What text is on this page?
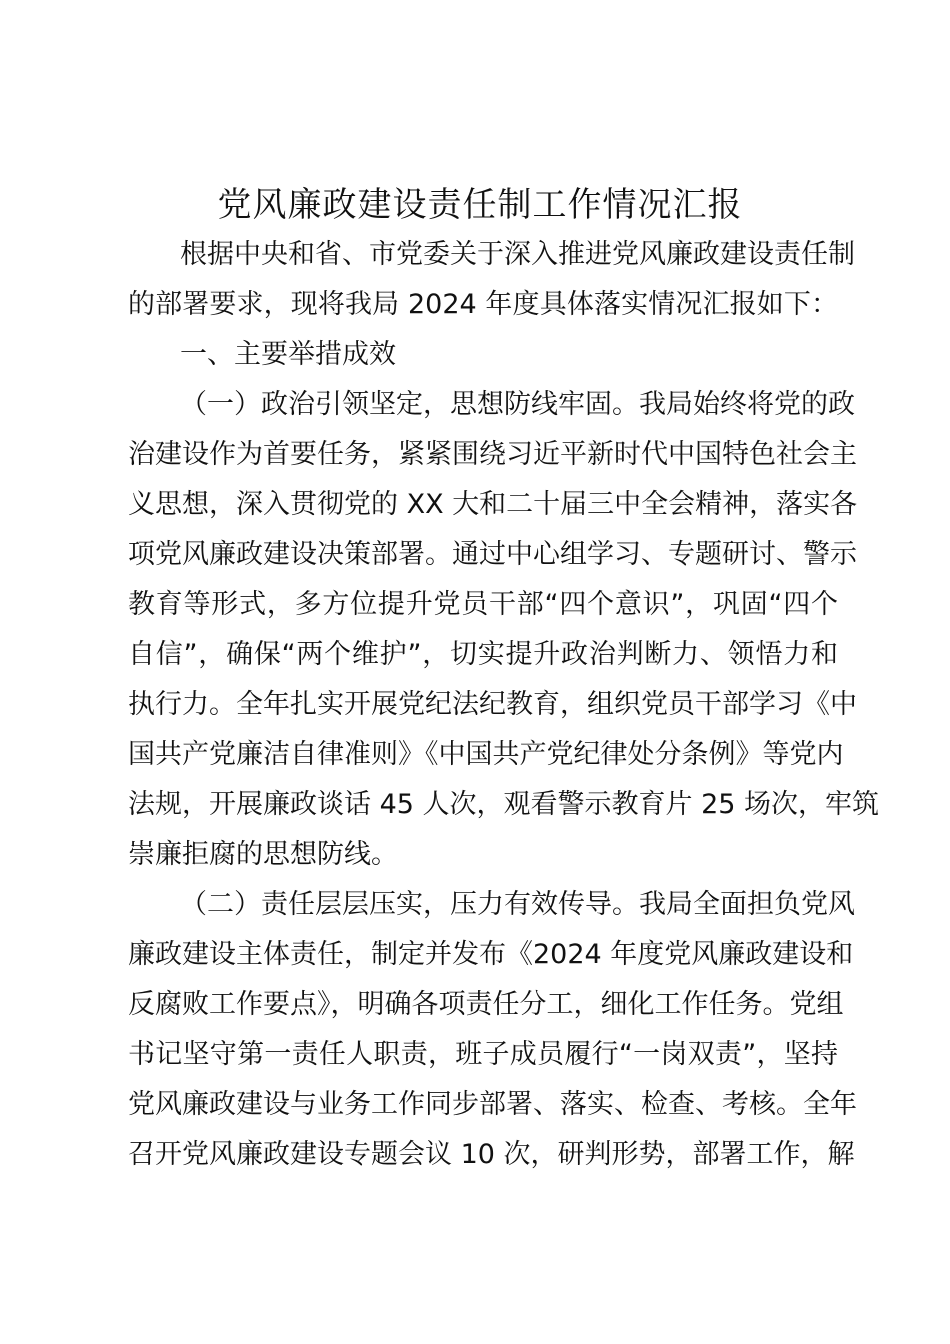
党风廉政建设责任制工作情况汇报
根据中央和省、市党委关于深入推进党风廉政建设责任制
的部署要求，现将我局 2024 年度具体落实情况汇报如下：
一、主要举措成效
（一）政治引领坚定，思想防线牢固。我局始终将党的政
治建设作为首要任务，紧紧围绕习近平新时代中国特色社会主
义思想，深入贯彻党的 XX 大和二十届三中全会精神，落实各
项党风廉政建设决策部署。通过中心组学习、专题研讨、警示
教育等形式，多方位提升党员干部“四个意识”，巩固“四个
自信”，确保“两个维护”，切实提升政治判断力、领悟力和
执行力。全年扎实开展党纪法纪教育，组织党员干部学习《中
国共产党廉洁自律准则》《中国共产党纪律处分条例》等党内
法规，开展廉政谈话 45 人次，观看警示教育片 25 场次，牢筑
崇廉拒腐的思想防线。
（二）责任层层压实，压力有效传导。我局全面担负党风
廉政建设主体责任，制定并发布《2024 年度党风廉政建设和
反腐败工作要点》，明确各项责任分工，细化工作任务。党组
书记坚守第一责任人职责，班子成员履行“一岗双责”，坚持
党风廉政建设与业务工作同步部署、落实、检查、考核。全年
召开党风廉政建设专题会议 10 次，研判形势，部署工作，解
